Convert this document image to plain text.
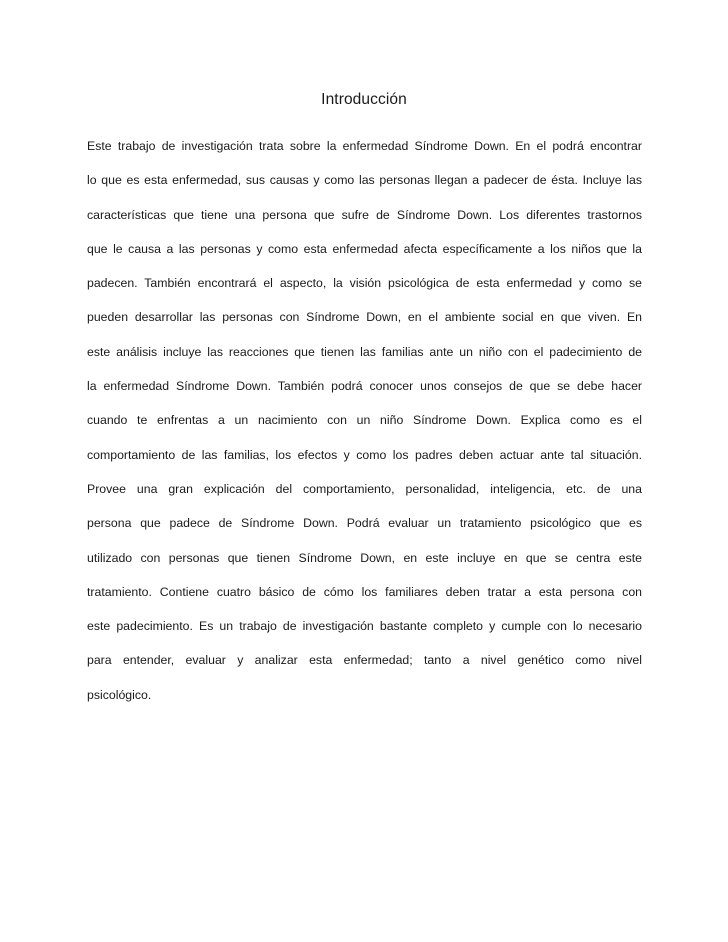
Introducción
Este trabajo de investigación trata sobre la enfermedad Síndrome Down. En el podrá encontrar
lo que es esta enfermedad, sus causas y como las personas llegan a padecer de ésta. Incluye las
características que tiene una persona que sufre de Síndrome Down. Los diferentes trastornos
que le causa a las personas y como esta enfermedad afecta específicamente a los niños que la
padecen. También encontrará el aspecto, la visión psicológica de esta enfermedad y como se
pueden desarrollar las personas con Síndrome Down, en el ambiente social en que viven. En
este análisis incluye las reacciones que tienen las familias ante un niño con el padecimiento de
la enfermedad Síndrome Down. También podrá conocer unos consejos de que se debe hacer
cuando te enfrentas a un nacimiento con un niño Síndrome Down. Explica como es el
comportamiento de las familias, los efectos y como los padres deben actuar ante tal situación.
Provee una gran explicación del comportamiento, personalidad, inteligencia, etc. de una
persona que padece de Síndrome Down. Podrá evaluar un tratamiento psicológico que es
utilizado con personas que tienen Síndrome Down, en este incluye en que se centra este
tratamiento. Contiene cuatro básico de cómo los familiares deben tratar a esta persona con
este padecimiento. Es un trabajo de investigación bastante completo y cumple con lo necesario
para entender, evaluar y analizar esta enfermedad; tanto a nivel genético como nivel
psicológico.
